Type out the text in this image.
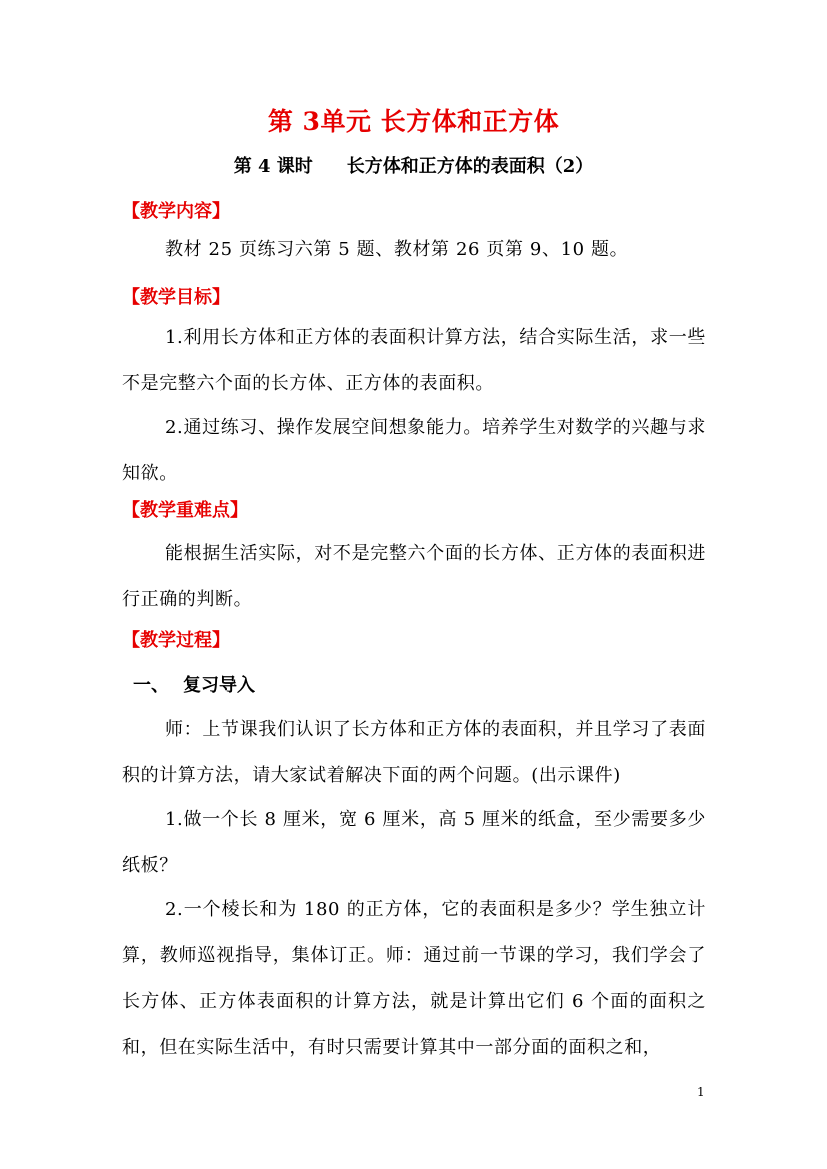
第 3单元 长方体和正方体
第 4 课时 长方体和正方体的表面积（2）
【教学内容】
教材 25 页练习六第 5 题、教材第 26 页第 9、10 题。
【教学目标】
1.利用长方体和正方体的表面积计算方法，结合实际生活，求一些不是完整六个面的长方体、正方体的表面积。
2.通过练习、操作发展空间想象能力。培养学生对数学的兴趣与求知欲。
【教学重难点】
能根据生活实际，对不是完整六个面的长方体、正方体的表面积进行正确的判断。
【教学过程】
一、 复习导入
师：上节课我们认识了长方体和正方体的表面积，并且学习了表面积的计算方法，请大家试着解决下面的两个问题。(出示课件)
1.做一个长 8 厘米，宽 6 厘米，高 5 厘米的纸盒，至少需要多少纸板？
2.一个棱长和为 180 的正方体，它的表面积是多少？学生独立计算，教师巡视指导，集体订正。师：通过前一节课的学习，我们学会了长方体、正方体表面积的计算方法，就是计算出它们 6 个面的面积之和，但在实际生活中，有时只需要计算其中一部分面的面积之和，
1
